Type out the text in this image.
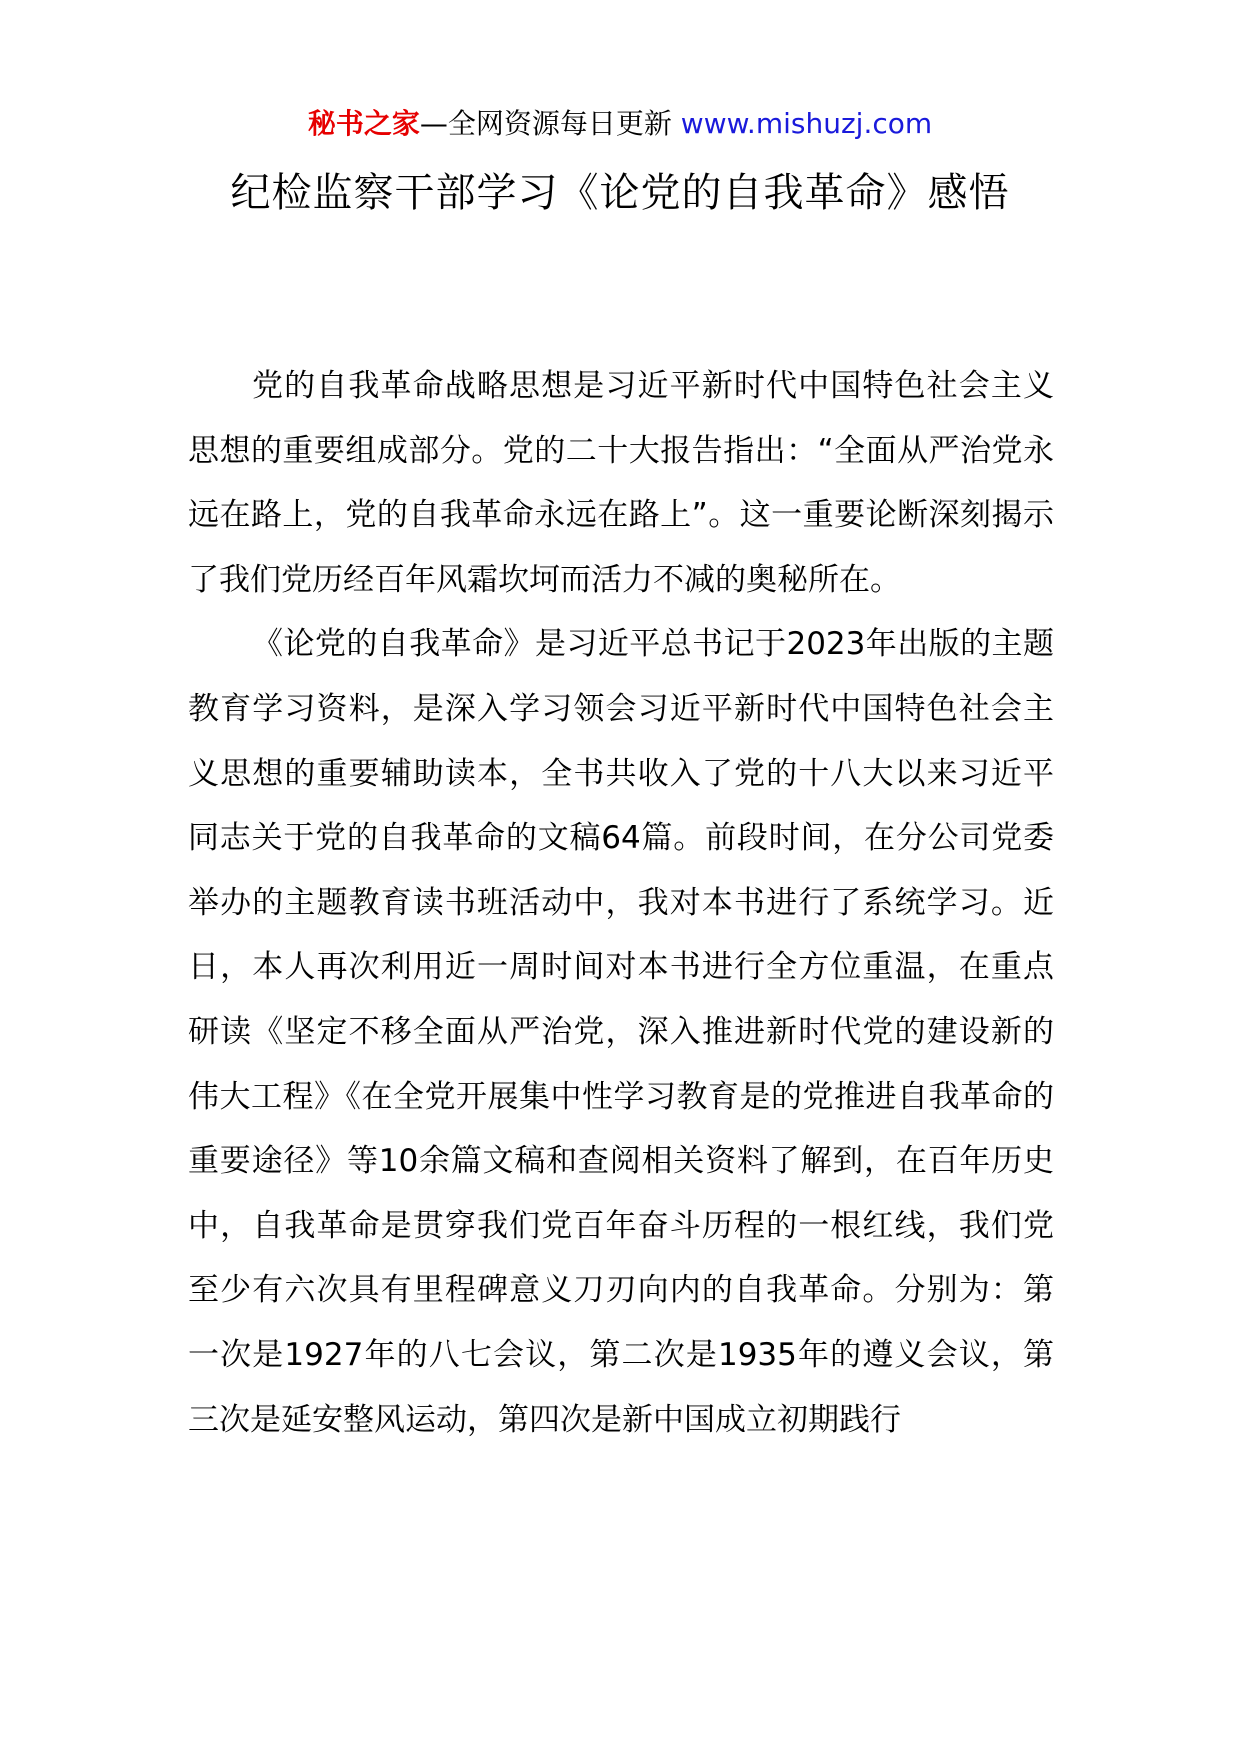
秘书之家—全网资源每日更新 www.mishuzj.com
纪检监察干部学习《论党的自我革命》感悟

党的自我革命战略思想是习近平新时代中国特色社会主义思想的重要组成部分。党的二十大报告指出：“全面从严治党永远在路上，党的自我革命永远在路上”。这一重要论断深刻揭示了我们党历经百年风霜坎坷而活力不减的奥秘所在。

《论党的自我革命》是习近平总书记于2023年出版的主题教育学习资料，是深入学习领会习近平新时代中国特色社会主义思想的重要辅助读本，全书共收入了党的十八大以来习近平同志关于党的自我革命的文稿64篇。前段时间，在分公司党委举办的主题教育读书班活动中，我对本书进行了系统学习。近日，本人再次利用近一周时间对本书进行全方位重温，在重点研读《坚定不移全面从严治党，深入推进新时代党的建设新的伟大工程》《在全党开展集中性学习教育是的党推进自我革命的重要途径》等10余篇文稿和查阅相关资料了解到，在百年历史中，自我革命是贯穿我们党百年奋斗历程的一根红线，我们党至少有六次具有里程碑意义刀刃向内的自我革命。分别为：第一次是1927年的八七会议，第二次是1935年的遵义会议，第三次是延安整风运动，第四次是新中国成立初期践行
